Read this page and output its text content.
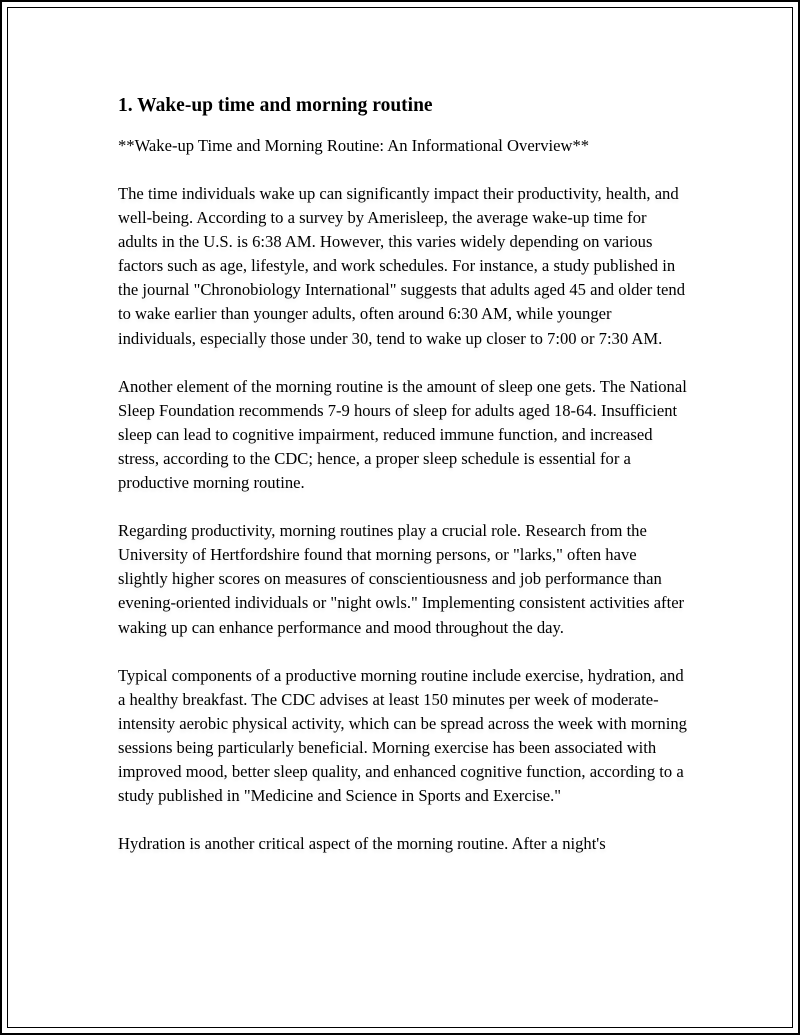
1. Wake-up time and morning routine

**Wake-up Time and Morning Routine: An Informational Overview**

The time individuals wake up can significantly impact their productivity, health, and well-being. According to a survey by Amerisleep, the average wake-up time for adults in the U.S. is 6:38 AM. However, this varies widely depending on various factors such as age, lifestyle, and work schedules. For instance, a study published in the journal "Chronobiology International" suggests that adults aged 45 and older tend to wake earlier than younger adults, often around 6:30 AM, while younger individuals, especially those under 30, tend to wake up closer to 7:00 or 7:30 AM.

Another element of the morning routine is the amount of sleep one gets. The National Sleep Foundation recommends 7-9 hours of sleep for adults aged 18-64. Insufficient sleep can lead to cognitive impairment, reduced immune function, and increased stress, according to the CDC; hence, a proper sleep schedule is essential for a productive morning routine.

Regarding productivity, morning routines play a crucial role. Research from the University of Hertfordshire found that morning persons, or "larks," often have slightly higher scores on measures of conscientiousness and job performance than evening-oriented individuals or "night owls." Implementing consistent activities after waking up can enhance performance and mood throughout the day.

Typical components of a productive morning routine include exercise, hydration, and a healthy breakfast. The CDC advises at least 150 minutes per week of moderate-intensity aerobic physical activity, which can be spread across the week with morning sessions being particularly beneficial. Morning exercise has been associated with improved mood, better sleep quality, and enhanced cognitive function, according to a study published in "Medicine and Science in Sports and Exercise."

Hydration is another critical aspect of the morning routine. After a night's
